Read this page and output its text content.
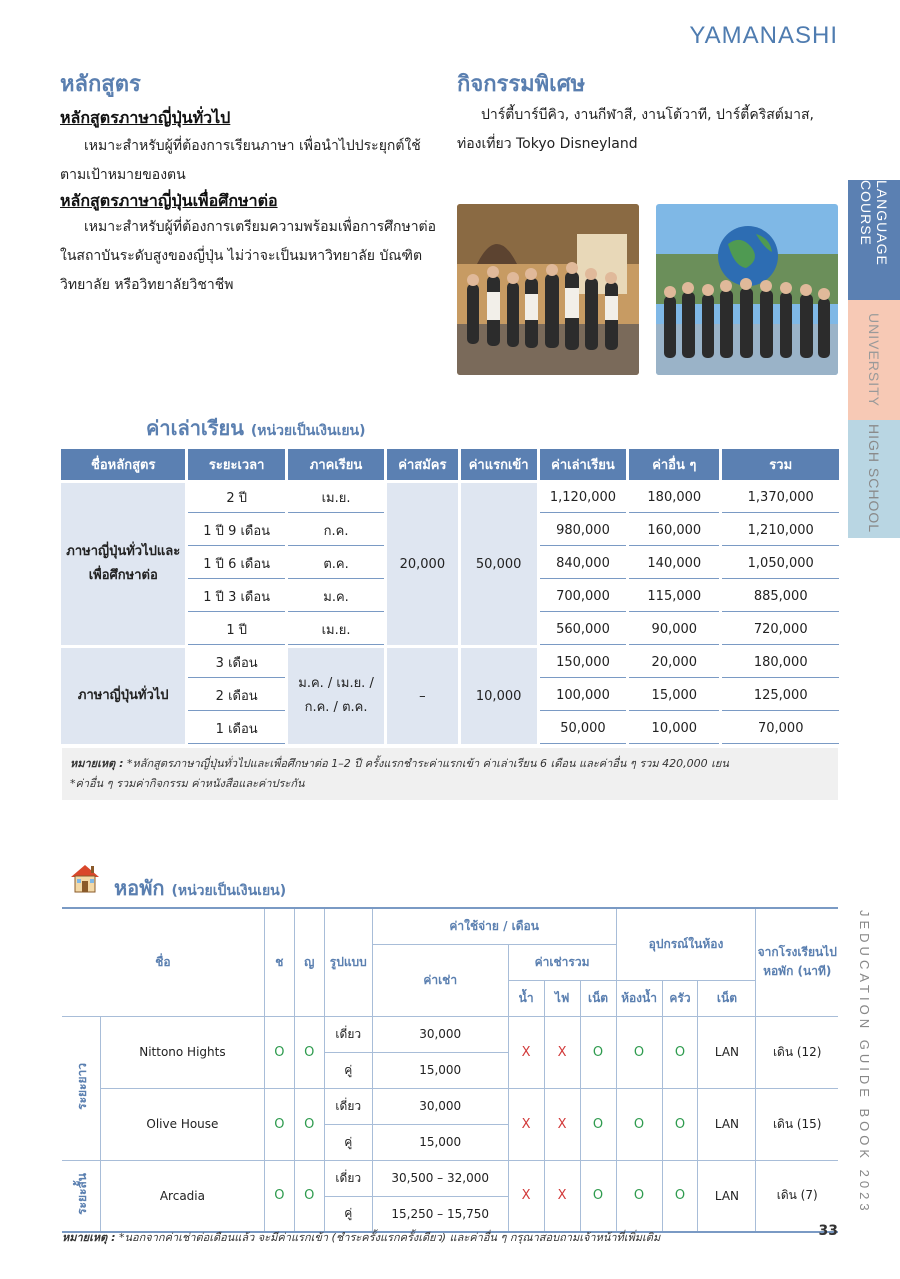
YAMANASHI
หลักสูตร
หลักสูตรภาษาญี่ปุ่นทั่วไป
เหมาะสำหรับผู้ที่ต้องการเรียนภาษา เพื่อนำไปประยุกต์ใช้ตามเป้าหมายของตน
หลักสูตรภาษาญี่ปุ่นเพื่อศึกษาต่อ
เหมาะสำหรับผู้ที่ต้องการเตรียมความพร้อมเพื่อการศึกษาต่อในสถาบันระดับสูงของญี่ปุ่น ไม่ว่าจะเป็นมหาวิทยาลัย บัณฑิตวิทยาลัย หรือวิทยาลัยวิชาชีพ
กิจกรรมพิเศษ
ปาร์ตี้บาร์บีคิว, งานกีฬาสี, งานโต้วาที, ปาร์ตี้คริสต์มาส, ท่องเที่ยว Tokyo Disneyland
LANGUAGE COURSE
UNIVERSITY
HIGH SCHOOL
JEDUCATION GUIDE BOOK 2023
ค่าเล่าเรียน (หน่วยเป็นเงินเยน)
ชื่อหลักสูตร	ระยะเวลา	ภาคเรียน	ค่าสมัคร	ค่าแรกเข้า	ค่าเล่าเรียน	ค่าอื่น ๆ	รวม
ภาษาญี่ปุ่นทั่วไปและเพื่อศึกษาต่อ	2 ปี	เม.ย.	20,000	50,000	1,120,000	180,000	1,370,000
	1 ปี 9 เดือน	ก.ค.			980,000	160,000	1,210,000
	1 ปี 6 เดือน	ต.ค.			840,000	140,000	1,050,000
	1 ปี 3 เดือน	ม.ค.			700,000	115,000	885,000
	1 ปี	เม.ย.			560,000	90,000	720,000
ภาษาญี่ปุ่นทั่วไป	3 เดือน	ม.ค. / เม.ย. / ก.ค. / ต.ค.	–	10,000	150,000	20,000	180,000
	2 เดือน				100,000	15,000	125,000
	1 เดือน				50,000	10,000	70,000
หมายเหตุ : *หลักสูตรภาษาญี่ปุ่นทั่วไปและเพื่อศึกษาต่อ 1–2 ปี ครั้งแรกชำระค่าแรกเข้า ค่าเล่าเรียน 6 เดือน และค่าอื่น ๆ รวม 420,000 เยน
*ค่าอื่น ๆ รวมค่ากิจกรรม ค่าหนังสือและค่าประกัน
หอพัก (หน่วยเป็นเงินเยน)
ชื่อ		ช	ญ	รูปแบบ	ค่าใช้จ่าย / เดือน				อุปกรณ์ในห้อง			จากโรงเรียนไปหอพัก (นาที)
					ค่าเช่า	ค่าเช่ารวม						
						น้ำ	ไฟ	เน็ต	ห้องน้ำ	ครัว	เน็ต	
ระยะยาว	Nittono Hights	O	O	เดี่ยว	30,000	X	X	O	O	O	LAN	เดิน (12)
				คู่	15,000							
	Olive House	O	O	เดี่ยว	30,000	X	X	O	O	O	LAN	เดิน (15)
				คู่	15,000							
ระยะสั้น	Arcadia	O	O	เดี่ยว	30,500 – 32,000	X	X	O	O	O	LAN	เดิน (7)
				คู่	15,250 – 15,750							
หมายเหตุ : *นอกจากค่าเช่าต่อเดือนแล้ว จะมีค่าแรกเข้า (ชำระครั้งแรกครั้งเดียว) และค่าอื่น ๆ กรุณาสอบถามเจ้าหน้าที่เพิ่มเติม	33
